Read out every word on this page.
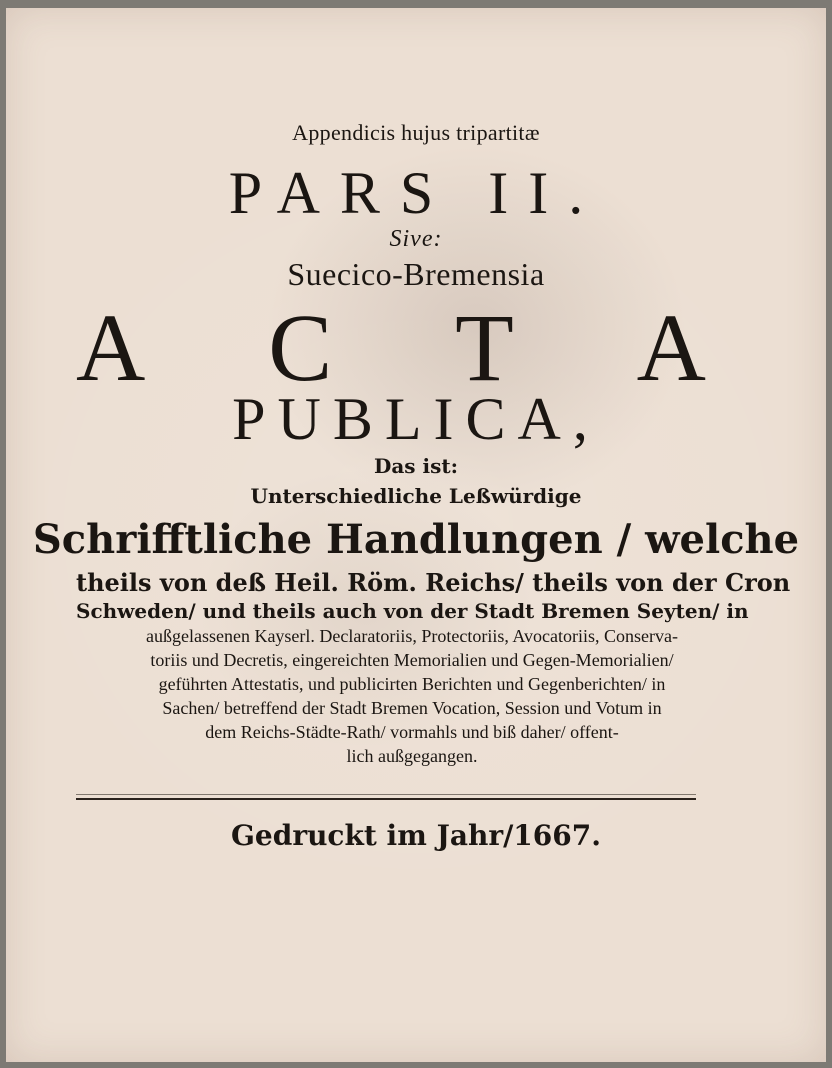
Appendicis hujus tripartitæ
PARS II.
Sive:
Suecico-Bremensia
A C T A
PUBLICA,
Das ist:
Unterschiedliche Leßwürdige
Schrifftliche Handlungen / welche
theils von deß Heil. Röm. Reichs/ theils von der Cron
Schweden/ und theils auch von der Stadt Bremen Seyten/ in
außgelassenen Kayserl. Declaratoriis, Protectoriis, Avocatoriis, Conserva-
toriis und Decretis, eingereichten Memorialien und Gegen-Memorialien/
geführten Attestatis, und publicirten Berichten und Gegenberichten/ in
Sachen/ betreffend der Stadt Bremen Vocation, Session und Votum in
dem Reichs-Städte-Rath/ vormahls und biß daher/ offent-
lich außgegangen.
Gedruckt im Jahr/1667.
